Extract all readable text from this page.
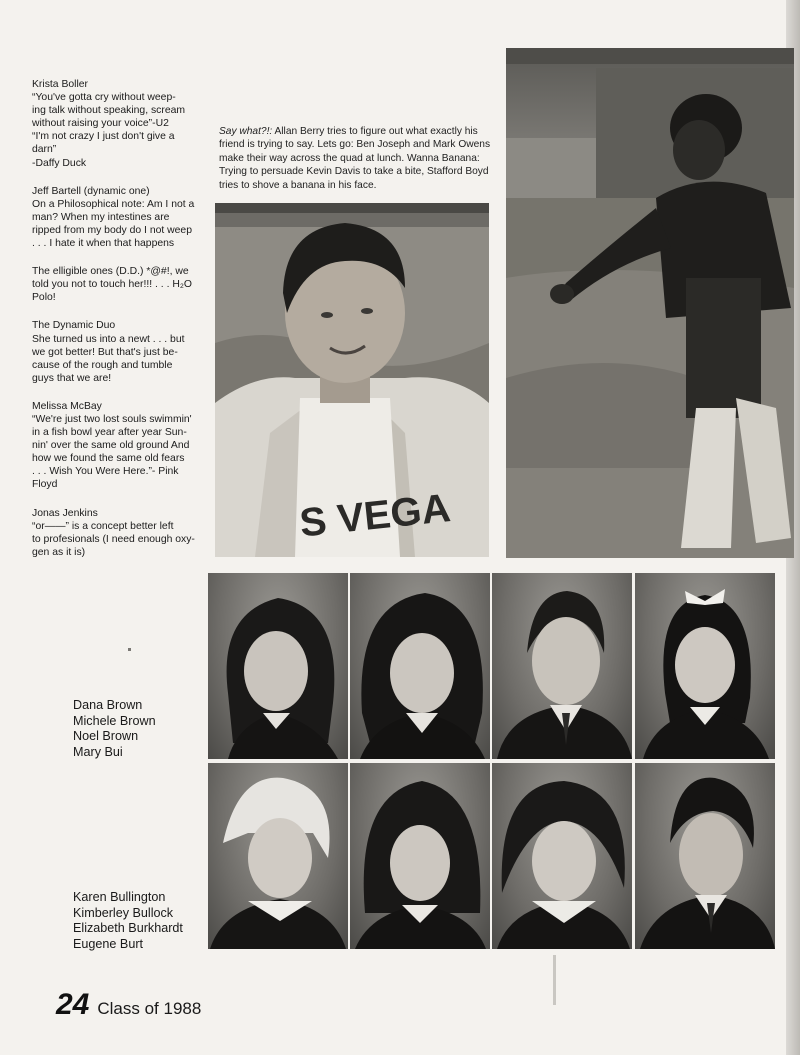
Krista Boller
“You've gotta cry without weep-
ing talk without speaking, scream
without raising your voice”-U2
“I'm not crazy I just don't give a
darn”
-Daffy Duck
Jeff Bartell (dynamic one)
On a Philosophical note: Am I not a
man? When my intestines are
ripped from my body do I not weep
. . . I hate it when that happens
The elligible ones (D.D.) *@#!, we
told you not to touch her!!! . . . H₂O
Polo!
The Dynamic Duo
She turned us into a newt . . . but
we got better! But that's just be-
cause of the rough and tumble
guys that we are!
Melissa McBay
“We're just two lost souls swimmin'
in a fish bowl year after year Sun-
nin' over the same old ground And
how we found the same old fears
. . . Wish You Were Here.”- Pink
Floyd
Jonas Jenkins
“or——” is a concept better left
to profesionals (I need enough oxy-
gen as it is)
Say what?!: Allan Berry tries to figure out what exactly his friend is trying to say. Lets go: Ben Joseph and Mark Owens make their way across the quad at lunch. Wanna Banana: Trying to persuade Kevin Davis to take a bite, Stafford Boyd tries to shove a banana in his face.
S VEGA
Dana Brown
Michele Brown
Noel Brown
Mary Bui
Karen Bullington
Kimberley Bullock
Elizabeth Burkhardt
Eugene Burt
24 Class of 1988
